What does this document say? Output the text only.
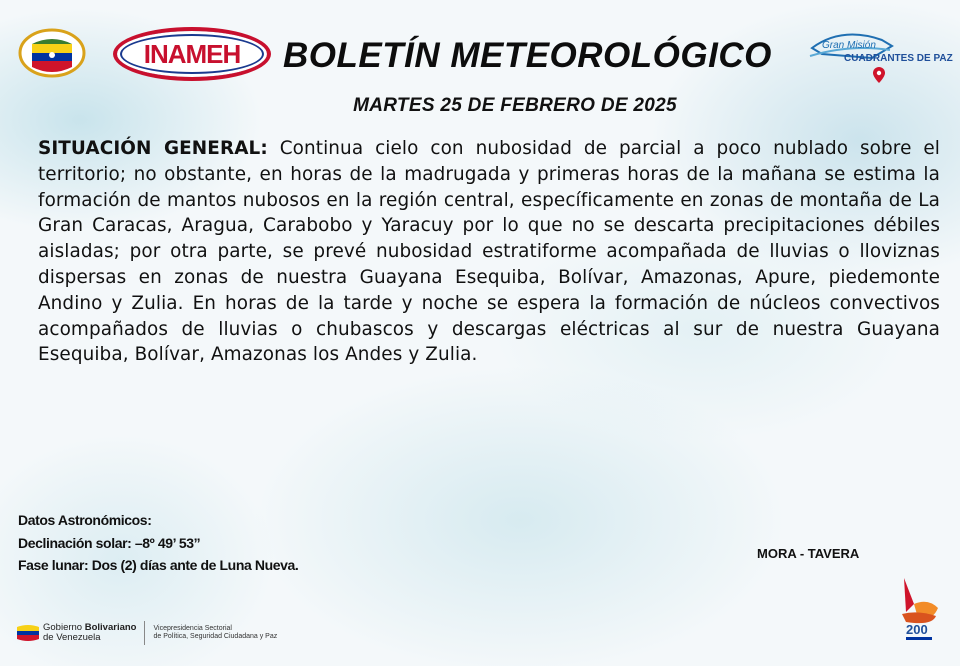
INAMEH BOLETÍN METEOROLÓGICO	Gran Misión
CUADRANTES DE PAZ
MARTES 25 DE FEBRERO DE 2025
SITUACIÓN GENERAL: Continua cielo con nubosidad de parcial a poco nublado sobre el territorio; no obstante, en horas de la madrugada y primeras horas de la mañana se estima la formación de mantos nubosos en la región central, específicamente en zonas de montaña de La Gran Caracas, Aragua, Carabobo y Yaracuy por lo que no se descarta precipitaciones débiles aisladas; por otra parte, se prevé nubosidad estratiforme acompañada de lluvias o lloviznas dispersas en zonas de nuestra Guayana Esequiba, Bolívar, Amazonas, Apure, piedemonte Andino y Zulia. En horas de la tarde y noche se espera la formación de núcleos convectivos acompañados de lluvias o chubascos y descargas eléctricas al sur de nuestra Guayana Esequiba, Bolívar, Amazonas los Andes y Zulia.
Datos Astronómicos:
Declinación solar: –8º 49’ 53’’
Fase lunar: Dos (2) días ante de Luna Nueva.
MORA - TAVERA
Gobierno Bolivariano
de Venezuela
Vicepresidencia Sectorial
de Política, Seguridad Ciudadana y Paz	200
